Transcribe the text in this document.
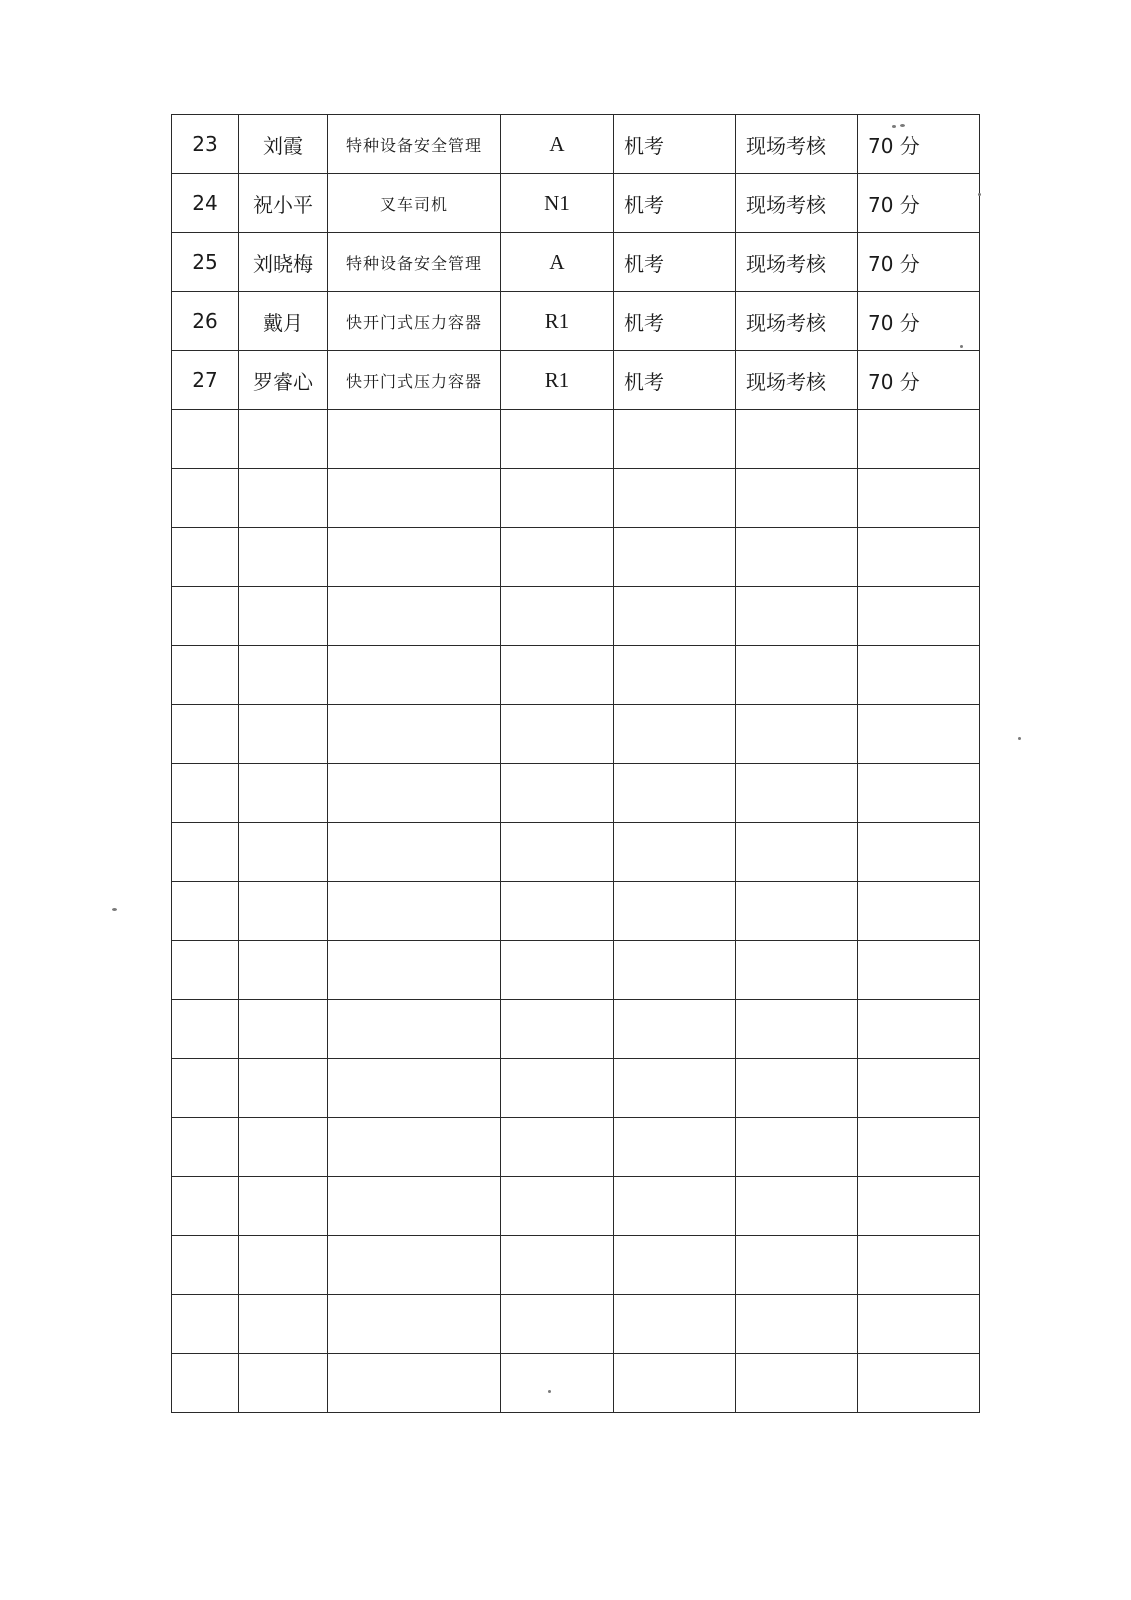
23	刘霞	特种设备安全管理	A	机考	现场考核	70 分
24	祝小平	叉车司机	N1	机考	现场考核	70 分
25	刘晓梅	特种设备安全管理	A	机考	现场考核	70 分
26	戴月	快开门式压力容器	R1	机考	现场考核	70 分
27	罗睿心	快开门式压力容器	R1	机考	现场考核	70 分
